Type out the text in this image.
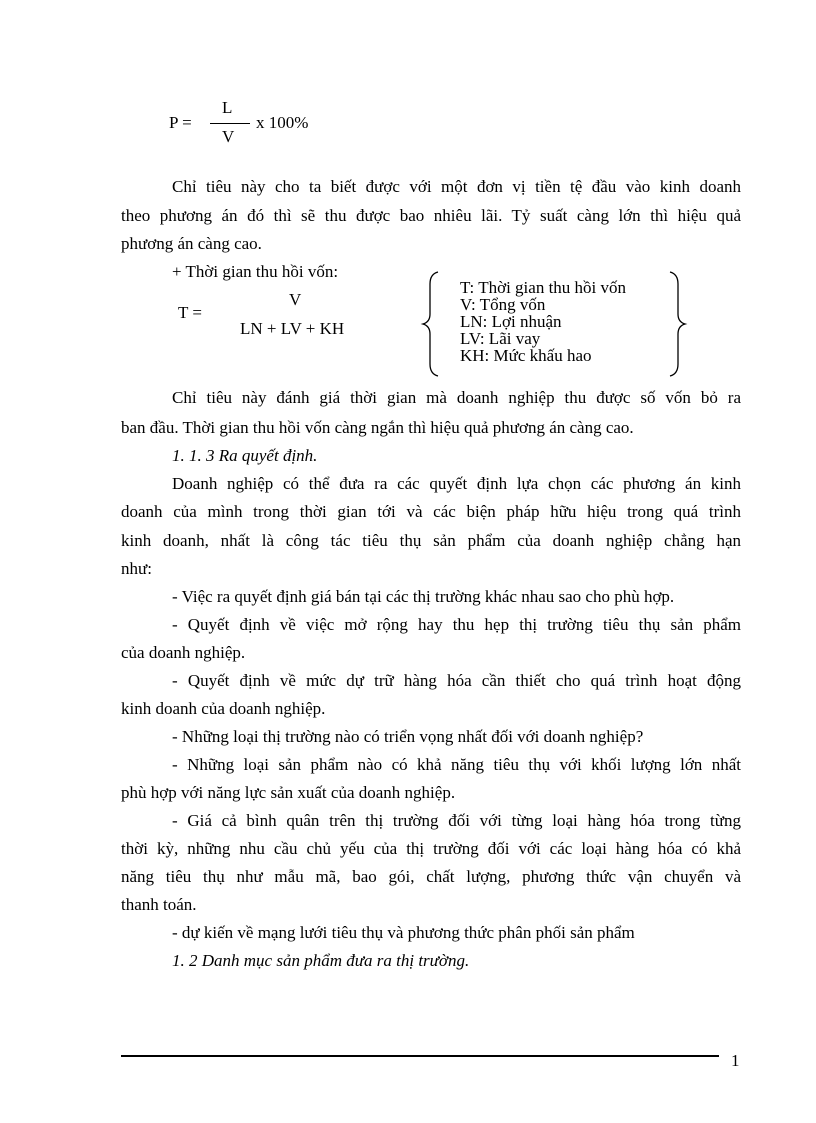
P =
L
V
x 100%
Chỉ tiêu này cho ta biết được với một đơn vị tiền tệ đầu vào kinh doanh
theo phương án đó thì sẽ thu được bao nhiêu lãi. Tỷ suất càng lớn thì hiệu quả
phương án càng cao.
+ Thời gian thu hồi vốn:
T =
V
LN + LV + KH
T: Thời gian thu hồi vốn
V: Tổng vốn
LN: Lợi nhuận
LV: Lãi vay
KH: Mức khấu hao
Chỉ tiêu này đánh giá thời gian mà doanh nghiệp thu được số vốn bỏ ra
ban đầu. Thời gian thu hồi vốn càng ngắn thì hiệu quả phương án càng cao.
1. 1. 3 Ra quyết định.
Doanh nghiệp có thể đưa ra các quyết định lựa chọn các phương án kinh
doanh của mình trong thời gian tới và các biện pháp hữu hiệu trong quá trình
kinh doanh, nhất là công tác tiêu thụ sản phẩm của doanh nghiệp chẳng hạn
như:
- Việc ra quyết định giá bán tại các thị trường khác nhau sao cho phù hợp.
- Quyết định về việc mở rộng hay thu hẹp thị trường tiêu thụ sản phẩm
của doanh nghiệp.
- Quyết định về mức dự trữ hàng hóa cần thiết cho quá trình hoạt động
kinh doanh của doanh nghiệp.
- Những loại thị trường nào có triển vọng nhất đối với doanh nghiệp?
- Những loại sản phẩm nào có khả năng tiêu thụ với khối lượng lớn nhất
phù hợp với năng lực sản xuất của doanh nghiệp.
- Giá cả bình quân trên thị trường đối với từng loại hàng hóa trong từng
thời kỳ, những nhu cầu chủ yếu của thị trường đối với các loại hàng hóa có khả
năng tiêu thụ như mẫu mã, bao gói, chất lượng, phương thức vận chuyển và
thanh toán.
- dự kiến về mạng lưới tiêu thụ và phương thức phân phối sản phẩm
1. 2 Danh mục sản phẩm đưa ra thị trường.
1
